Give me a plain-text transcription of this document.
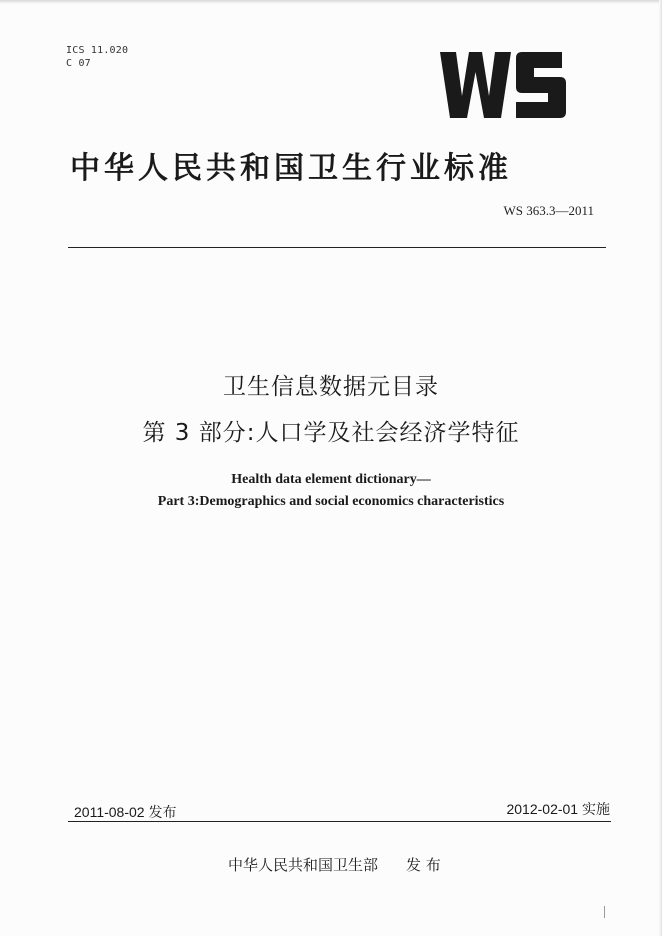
ICS 11.020
C 07
中华人民共和国卫生行业标准
WS 363.3—2011
卫生信息数据元目录
第 3 部分:人口学及社会经济学特征
Health data element dictionary—
Part 3:Demographics and social economics characteristics
2011-08-02 发布	2012-02-01 实施
中华人民共和国卫生部 发 布
